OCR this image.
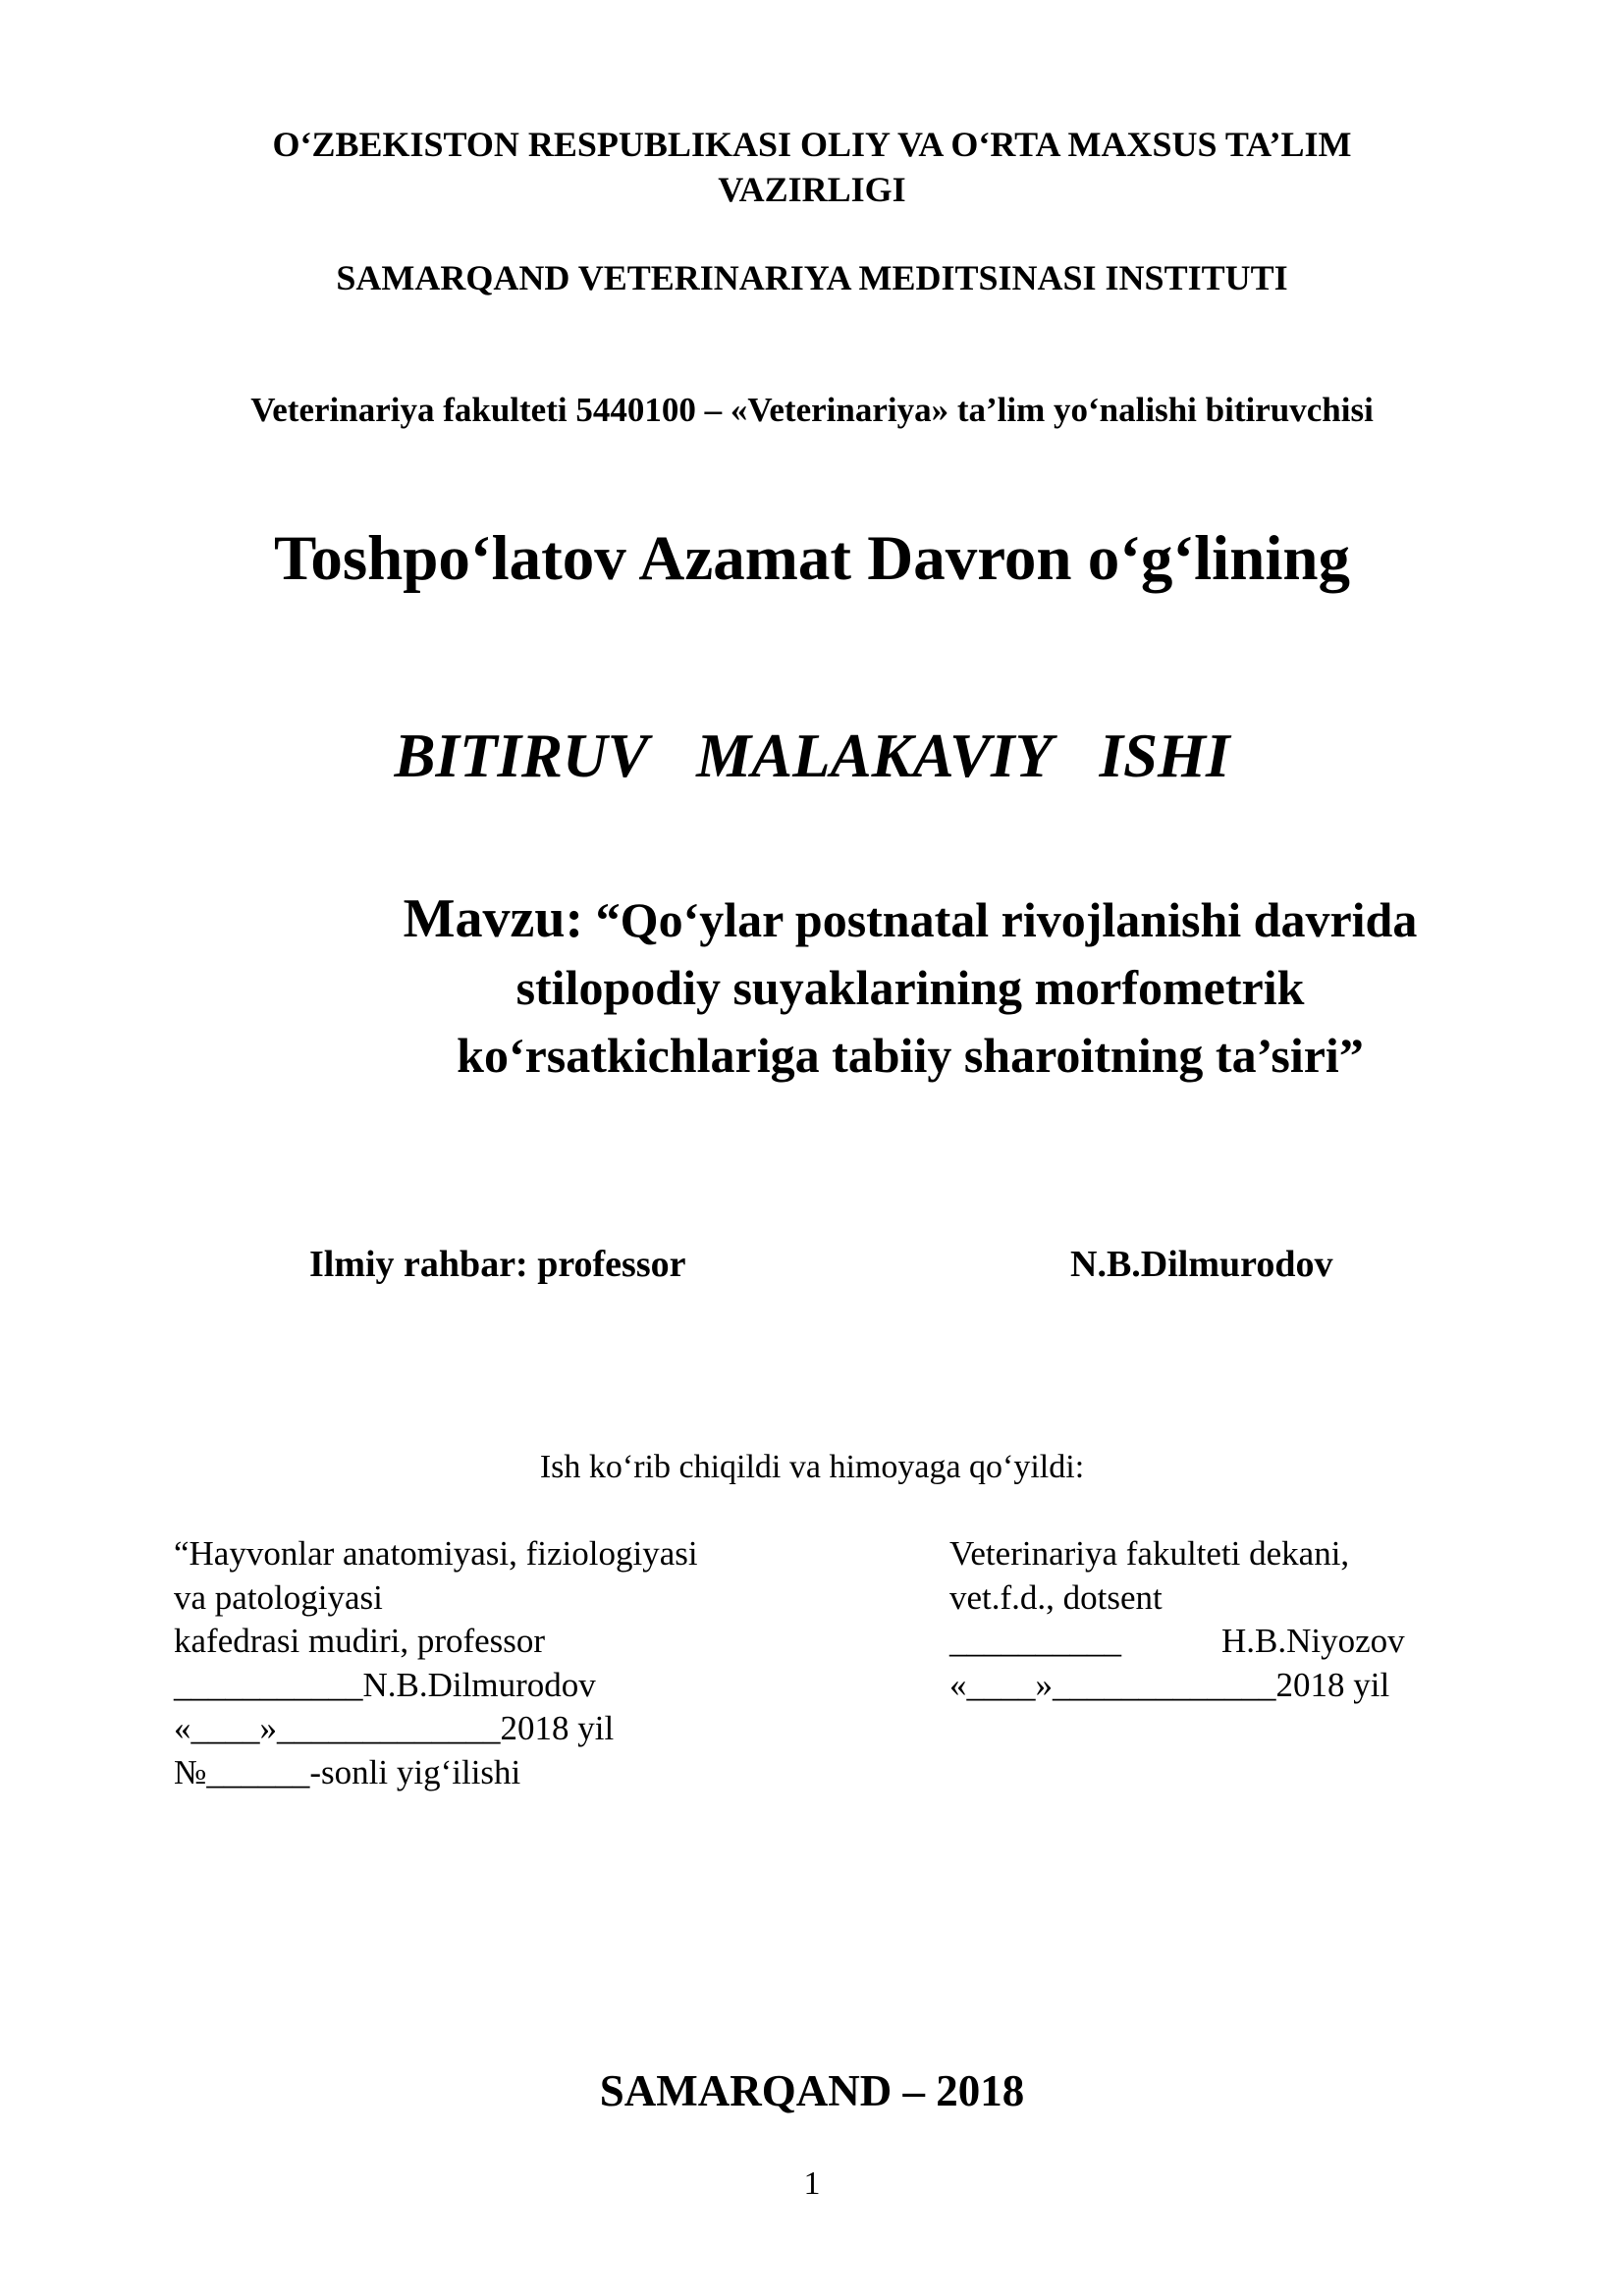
O‘ZBEKISTON RESPUBLIKASI OLIY VA O‘RTA MAXSUS TA’LIM
VAZIRLIGI
SAMARQAND VETERINARIYA MEDITSINASI INSTITUTI
Veterinariya fakulteti 5440100 – «Veterinariya» ta’lim yo‘nalishi bitiruvchisi
Toshpo‘latov Azamat Davron o‘g‘lining
BITIRUV MALAKAVIY ISHI
Mavzu: “Qo‘ylar postnatal rivojlanishi davrida
stilopodiy suyaklarining morfometrik
ko‘rsatkichlariga tabiiy sharoitning ta’siri”
Ilmiy rahbar: professor	N.B.Dilmurodov
Ish ko‘rib chiqildi va himoyaga qo‘yildi:
“Hayvonlar anatomiyasi, fiziologiyasi
va patologiyasi
kafedrasi mudiri, professor
___________N.B.Dilmurodov
«____»_____________2018 yil
№______-sonli yig‘ilishi
Veterinariya fakulteti dekani,
vet.f.d., dotsent
__________	H.B.Niyozov
«____»_____________2018 yil
SAMARQAND – 2018
1
